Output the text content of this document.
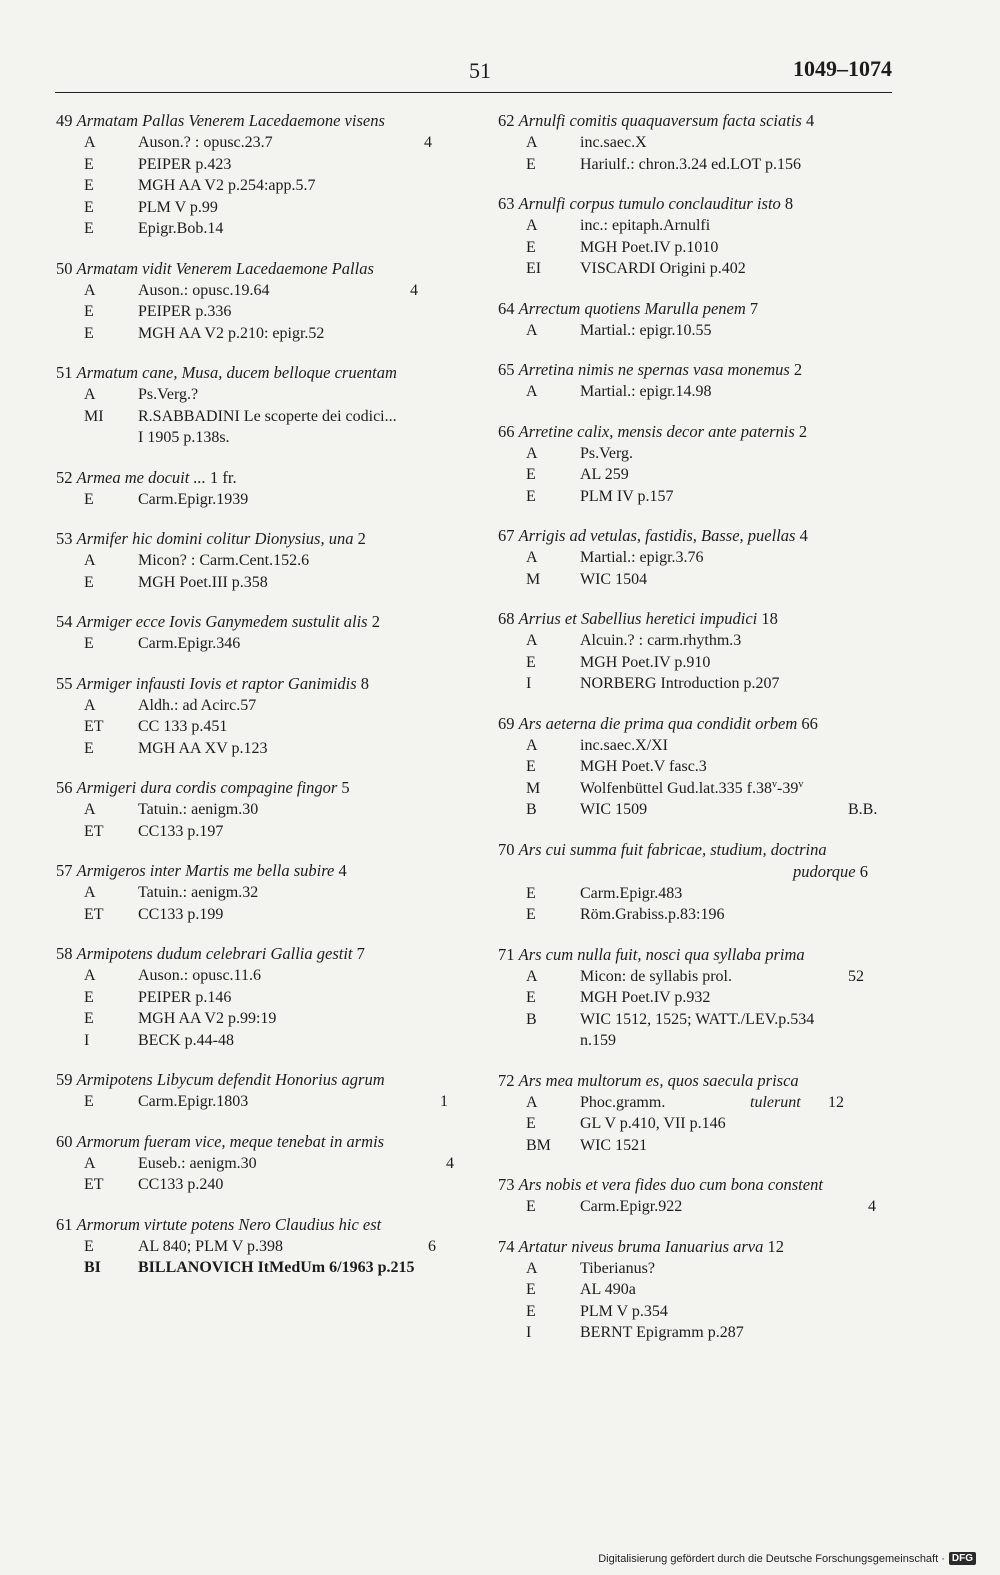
51	1049–1074
49 Armatam Pallas Venerem Lacedaemone visens
A	Auson.? : opusc.23.7	4
E	PEIPER p.423
E	MGH AA V2 p.254:app.5.7
E	PLM V p.99
E	Epigr.Bob.14
50 Armatam vidit Venerem Lacedaemone Pallas
A	Auson.: opusc.19.64	4
E	PEIPER p.336
E	MGH AA V2 p.210: epigr.52
51 Armatum cane, Musa, ducem belloque cruentam
A	Ps.Verg.?
MI R.SABBADINI Le scoperte dei codici...
I 1905 p.138s.
52 Armea me docuit ... 1 fr.
E	Carm.Epigr.1939
53 Armifer hic domini colitur Dionysius, una 2
A	Micon? : Carm.Cent.152.6
E	MGH Poet.III p.358
54 Armiger ecce Iovis Ganymedem sustulit alis 2
E	Carm.Epigr.346
55 Armiger infausti Iovis et raptor Ganimidis 8
A	Aldh.: ad Acirc.57
ET CC 133 p.451
E	MGH AA XV p.123
56 Armigeri dura cordis compagine fingor 5
A	Tatuin.: aenigm.30
ET CC133 p.197
57 Armigeros inter Martis me bella subire 4
A	Tatuin.: aenigm.32
ET CC133 p.199
58 Armipotens dudum celebrari Gallia gestit 7
A	Auson.: opusc.11.6
E	PEIPER p.146
E	MGH AA V2 p.99:19
I	BECK p.44-48
59 Armipotens Libycum defendit Honorius agrum
E	Carm.Epigr.1803	1
60 Armorum fueram vice, meque tenebat in armis
A	Euseb.: aenigm.30	4
ET CC133 p.240
61 Armorum virtute potens Nero Claudius hic est
E	AL 840; PLM V p.398	6
BI BILLANOVICH ItMedUm 6/1963 p.215
62 Arnulfi comitis quaquaversum facta sciatis 4
A	inc.saec.X
E	Hariulf.: chron.3.24 ed.LOT p.156
63 Arnulfi corpus tumulo conclauditur isto 8
A	inc.: epitaph.Arnulfi
E	MGH Poet.IV p.1010
EI VISCARDI Origini p.402
64 Arrectum quotiens Marulla penem 7
A	Martial.: epigr.10.55
65 Arretina nimis ne spernas vasa monemus 2
A	Martial.: epigr.14.98
66 Arretine calix, mensis decor ante paternis 2
A	Ps.Verg.
E	AL 259
E	PLM IV p.157
67 Arrigis ad vetulas, fastidis, Basse, puellas 4
A	Martial.: epigr.3.76
M WIC 1504
68 Arrius et Sabellius heretici impudici 18
A	Alcuin.? : carm.rhythm.3
E	MGH Poet.IV p.910
I	NORBERG Introduction p.207
69 Ars aeterna die prima qua condidit orbem 66
A	inc.saec.X/XI
E	MGH Poet.V fasc.3
M Wolfenbüttel Gud.lat.335 f.38$^v$-39$^v$
B	WIC 1509	B.B.
70 Ars cui summa fuit fabricae, studium, doctrina
pudorque 6
E	Carm.Epigr.483
E	Röm.Grabiss.p.83:196
71 Ars cum nulla fuit, nosci qua syllaba prima
A	Micon: de syllabis prol.	52
E	MGH Poet.IV p.932
B	WIC 1512, 1525; WATT./LEV.p.534
n.159
72 Ars mea multorum es, quos saecula prisca
A	Phoc.gramm.	tulerunt 12
E	GL V p.410, VII p.146
BM WIC 1521
73 Ars nobis et vera fides duo cum bona constent
E	Carm.Epigr.922	4
74 Artatur niveus bruma Ianuarius arva 12
A	Tiberianus?
E	AL 490a
E	PLM V p.354
I	BERNT Epigramm p.287
Digitalisierung gefördert durch die Deutsche Forschungsgemeinschaft · DFG
